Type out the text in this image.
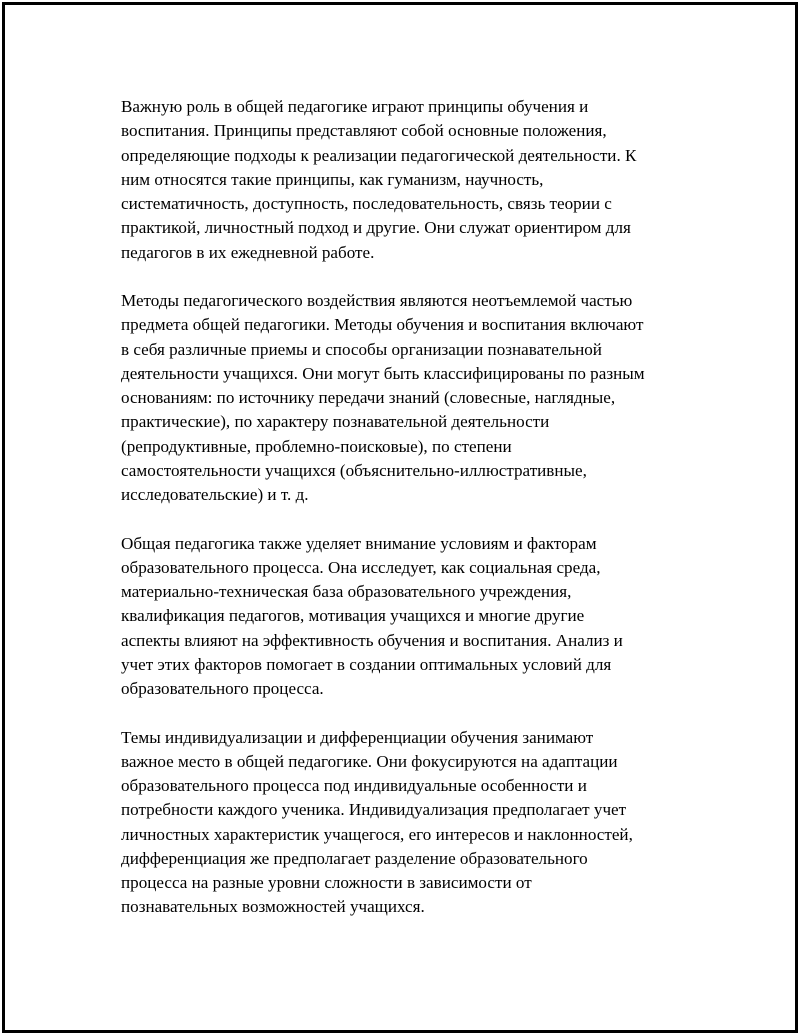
Важную роль в общей педагогике играют принципы обучения и
воспитания. Принципы представляют собой основные положения,
определяющие подходы к реализации педагогической деятельности. К
ним относятся такие принципы, как гуманизм, научность,
систематичность, доступность, последовательность, связь теории с
практикой, личностный подход и другие. Они служат ориентиром для
педагогов в их ежедневной работе.

Методы педагогического воздействия являются неотъемлемой частью
предмета общей педагогики. Методы обучения и воспитания включают
в себя различные приемы и способы организации познавательной
деятельности учащихся. Они могут быть классифицированы по разным
основаниям: по источнику передачи знаний (словесные, наглядные,
практические), по характеру познавательной деятельности
(репродуктивные, проблемно-поисковые), по степени
самостоятельности учащихся (объяснительно-иллюстративные,
исследовательские) и т. д.

Общая педагогика также уделяет внимание условиям и факторам
образовательного процесса. Она исследует, как социальная среда,
материально-техническая база образовательного учреждения,
квалификация педагогов, мотивация учащихся и многие другие
аспекты влияют на эффективность обучения и воспитания. Анализ и
учет этих факторов помогает в создании оптимальных условий для
образовательного процесса.

Темы индивидуализации и дифференциации обучения занимают
важное место в общей педагогике. Они фокусируются на адаптации
образовательного процесса под индивидуальные особенности и
потребности каждого ученика. Индивидуализация предполагает учет
личностных характеристик учащегося, его интересов и наклонностей,
дифференциация же предполагает разделение образовательного
процесса на разные уровни сложности в зависимости от
познавательных возможностей учащихся.
